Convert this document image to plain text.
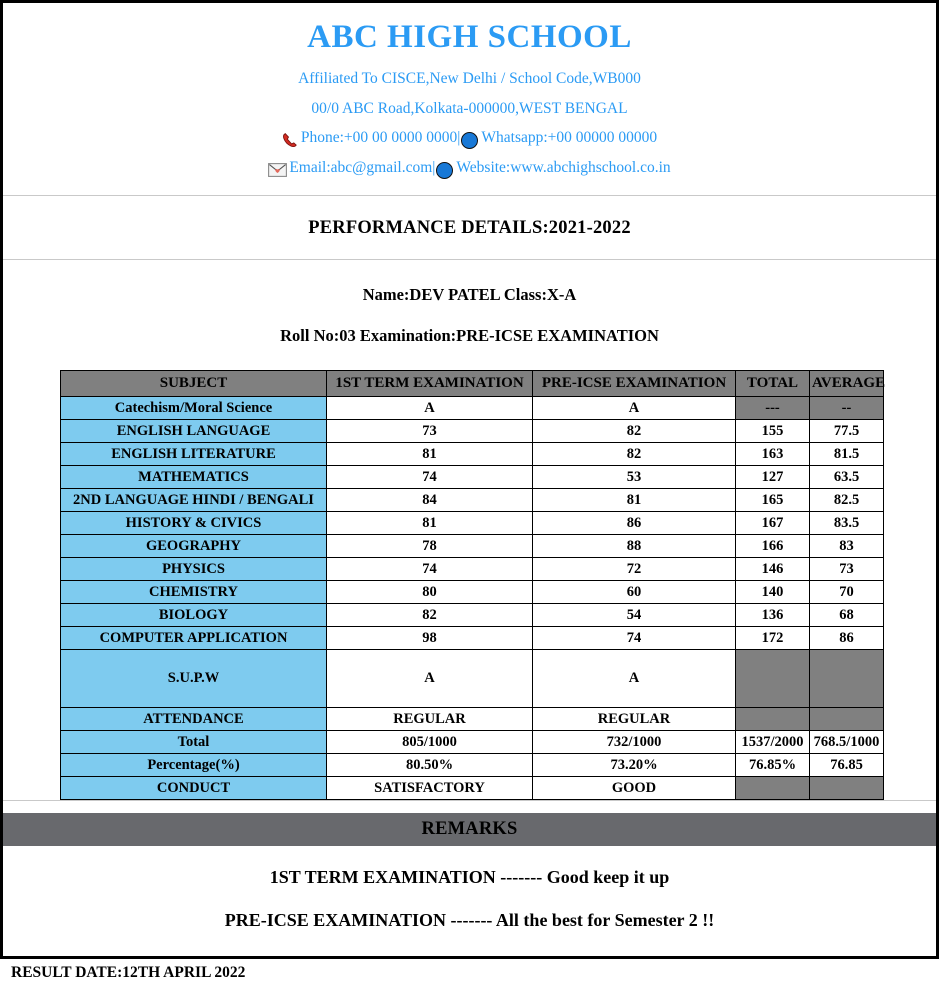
ABC HIGH SCHOOL
Affiliated To CISCE,New Delhi / School Code,WB000
00/0 ABC Road,Kolkata-000000,WEST BENGAL
Phone:+00 00 0000 0000 | Whatsapp:+00 00000 00000
Email:abc@gmail.com | Website:www.abchighschool.co.in
PERFORMANCE DETAILS:2021-2022
Name:DEV PATEL Class:X-A
Roll No:03 Examination:PRE-ICSE EXAMINATION
SUBJECT	1ST TERM EXAMINATION	PRE-ICSE EXAMINATION	TOTAL	AVERAGE
Catechism/Moral Science	A	A	---	--
ENGLISH LANGUAGE	73	82	155	77.5
ENGLISH LITERATURE	81	82	163	81.5
MATHEMATICS	74	53	127	63.5
2ND LANGUAGE HINDI / BENGALI	84	81	165	82.5
HISTORY & CIVICS	81	86	167	83.5
GEOGRAPHY	78	88	166	83
PHYSICS	74	72	146	73
CHEMISTRY	80	60	140	70
BIOLOGY	82	54	136	68
COMPUTER APPLICATION	98	74	172	86
S.U.P.W	A	A		
ATTENDANCE	REGULAR	REGULAR		
Total	805/1000	732/1000	1537/2000	768.5/1000
Percentage(%)	80.50%	73.20%	76.85%	76.85
CONDUCT	SATISFACTORY	GOOD		
REMARKS
1ST TERM EXAMINATION ------- Good keep it up
PRE-ICSE EXAMINATION ------- All the best for Semester 2 !!
RESULT DATE:12TH APRIL 2022
